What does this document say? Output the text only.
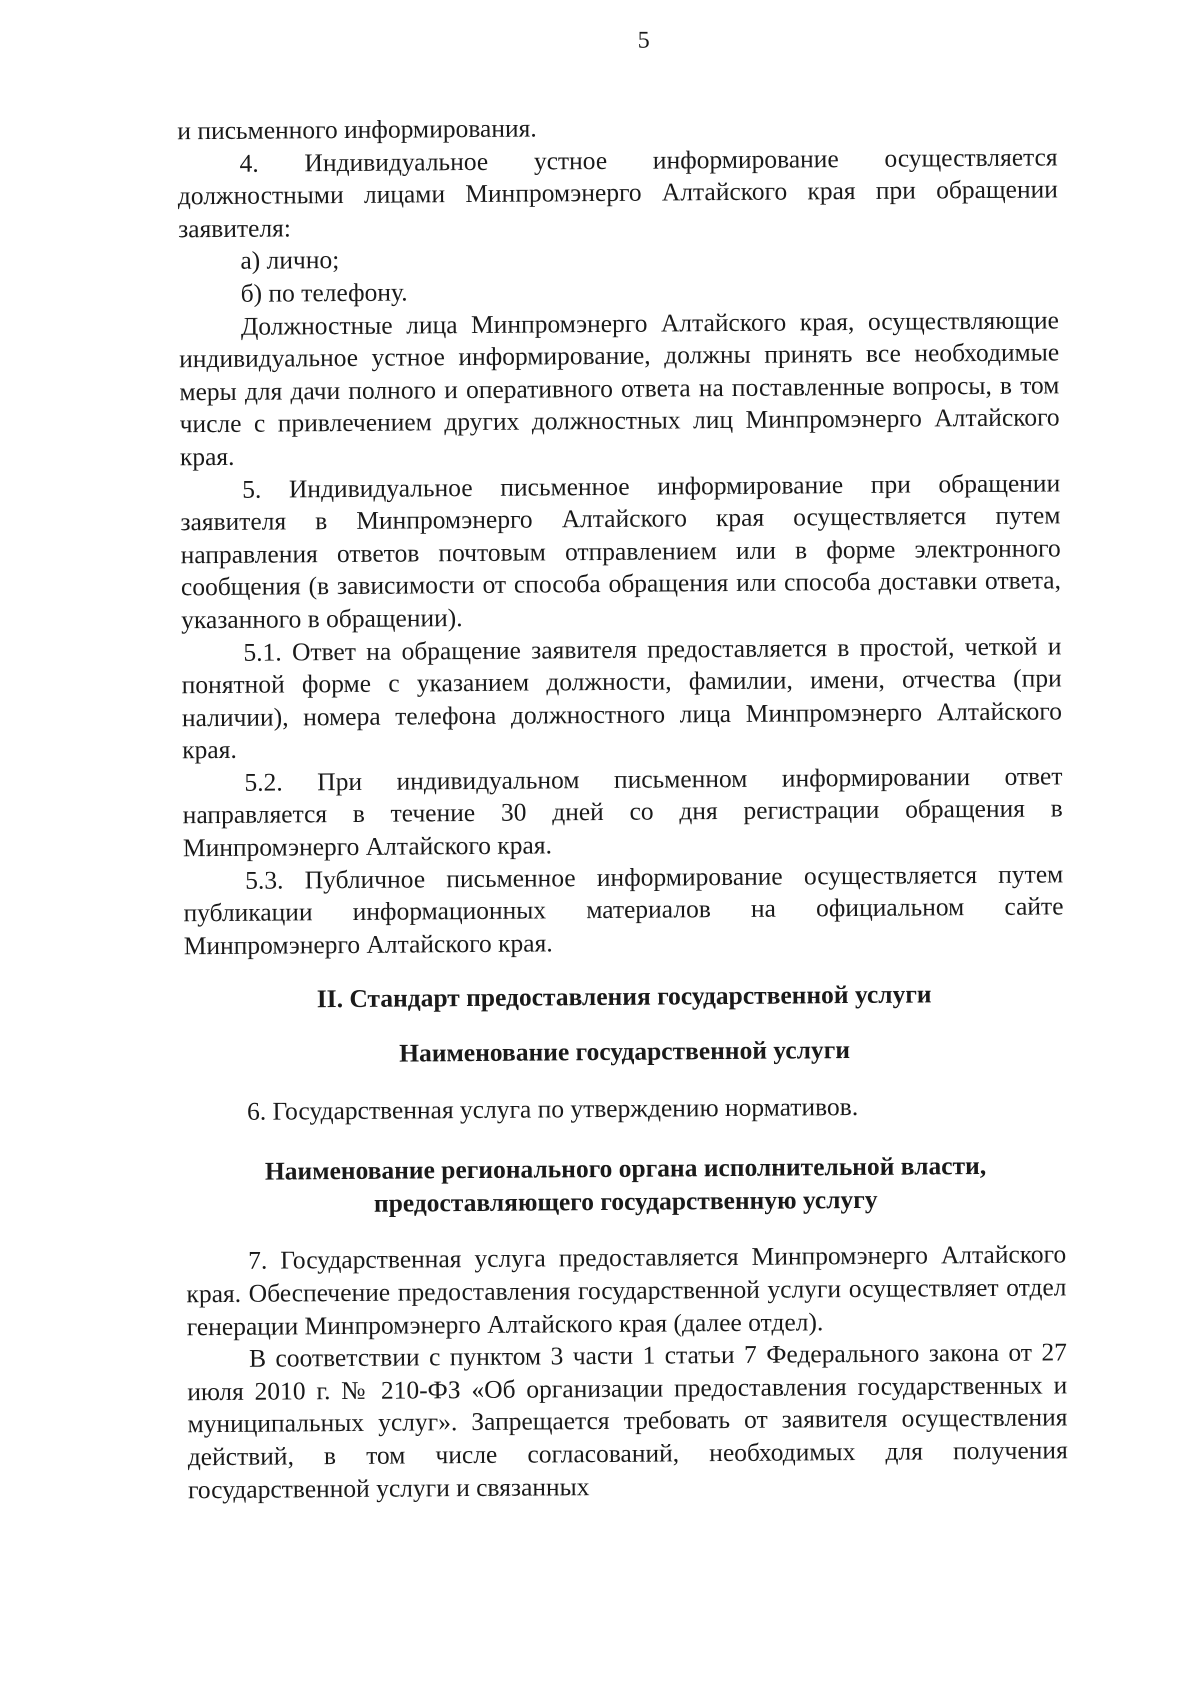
5

и письменного информирования.

4. Индивидуальное устное информирование осуществляется должностными лицами Минпромэнерго Алтайского края при обращении заявителя:

а) лично;

б) по телефону.

Должностные лица Минпромэнерго Алтайского края, осуществляющие индивидуальное устное информирование, должны принять все необходимые меры для дачи полного и оперативного ответа на поставленные вопросы, в том числе с привлечением других должностных лиц Минпромэнерго Алтайского края.

5. Индивидуальное письменное информирование при обращении заявителя в Минпромэнерго Алтайского края осуществляется путем направления ответов почтовым отправлением или в форме электронного сообщения (в зависимости от способа обращения или способа доставки ответа, указанного в обращении).

5.1. Ответ на обращение заявителя предоставляется в простой, четкой и понятной форме с указанием должности, фамилии, имени, отчества (при наличии), номера телефона должностного лица Минпромэнерго Алтайского края.

5.2. При индивидуальном письменном информировании ответ направляется в течение 30 дней со дня регистрации обращения в Минпромэнерго Алтайского края.

5.3. Публичное письменное информирование осуществляется путем публикации информационных материалов на официальном сайте Минпромэнерго Алтайского края.

II. Стандарт предоставления государственной услуги

Наименование государственной услуги

6. Государственная услуга по утверждению нормативов.

Наименование регионального органа исполнительной власти,
предоставляющего государственную услугу

7. Государственная услуга предоставляется Минпромэнерго Алтайского края. Обеспечение предоставления государственной услуги осуществляет отдел генерации Минпромэнерго Алтайского края (далее отдел).

В соответствии с пунктом 3 части 1 статьи 7 Федерального закона от 27 июля 2010 г. № 210-ФЗ «Об организации предоставления государственных и муниципальных услуг». Запрещается требовать от заявителя осуществления действий, в том числе согласований, необходимых для получения государственной услуги и связанных
